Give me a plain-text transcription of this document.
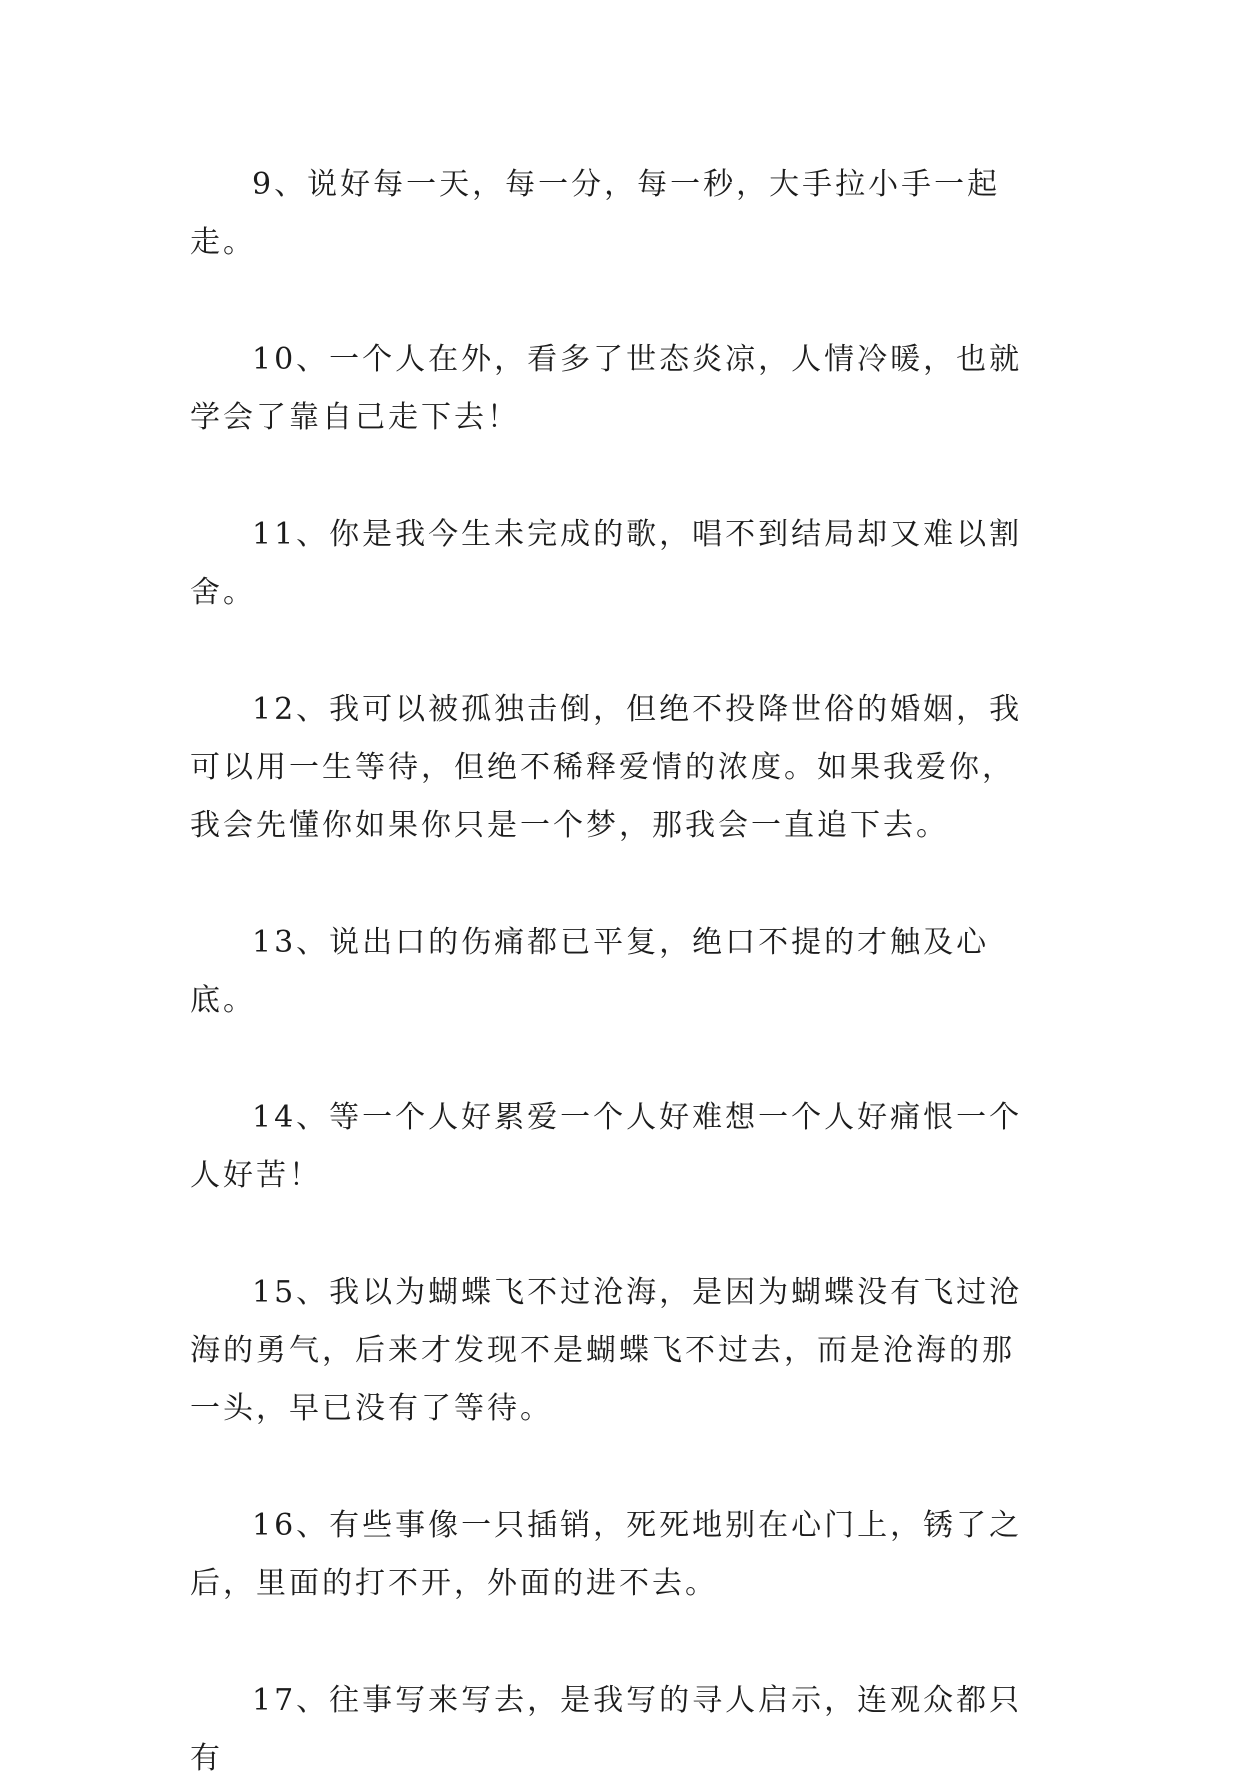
9、说好每一天，每一分，每一秒，大手拉小手一起走。

10、一个人在外，看多了世态炎凉，人情冷暖，也就学会了靠自己走下去！

11、你是我今生未完成的歌，唱不到结局却又难以割舍。

12、我可以被孤独击倒，但绝不投降世俗的婚姻，我可以用一生等待，但绝不稀释爱情的浓度。如果我爱你，我会先懂你如果你只是一个梦，那我会一直追下去。

13、说出口的伤痛都已平复，绝口不提的才触及心底。

14、等一个人好累爱一个人好难想一个人好痛恨一个人好苦！

15、我以为蝴蝶飞不过沧海，是因为蝴蝶没有飞过沧海的勇气，后来才发现不是蝴蝶飞不过去，而是沧海的那一头，早已没有了等待。

16、有些事像一只插销，死死地别在心门上，锈了之后，里面的打不开，外面的进不去。

17、往事写来写去，是我写的寻人启示，连观众都只有
